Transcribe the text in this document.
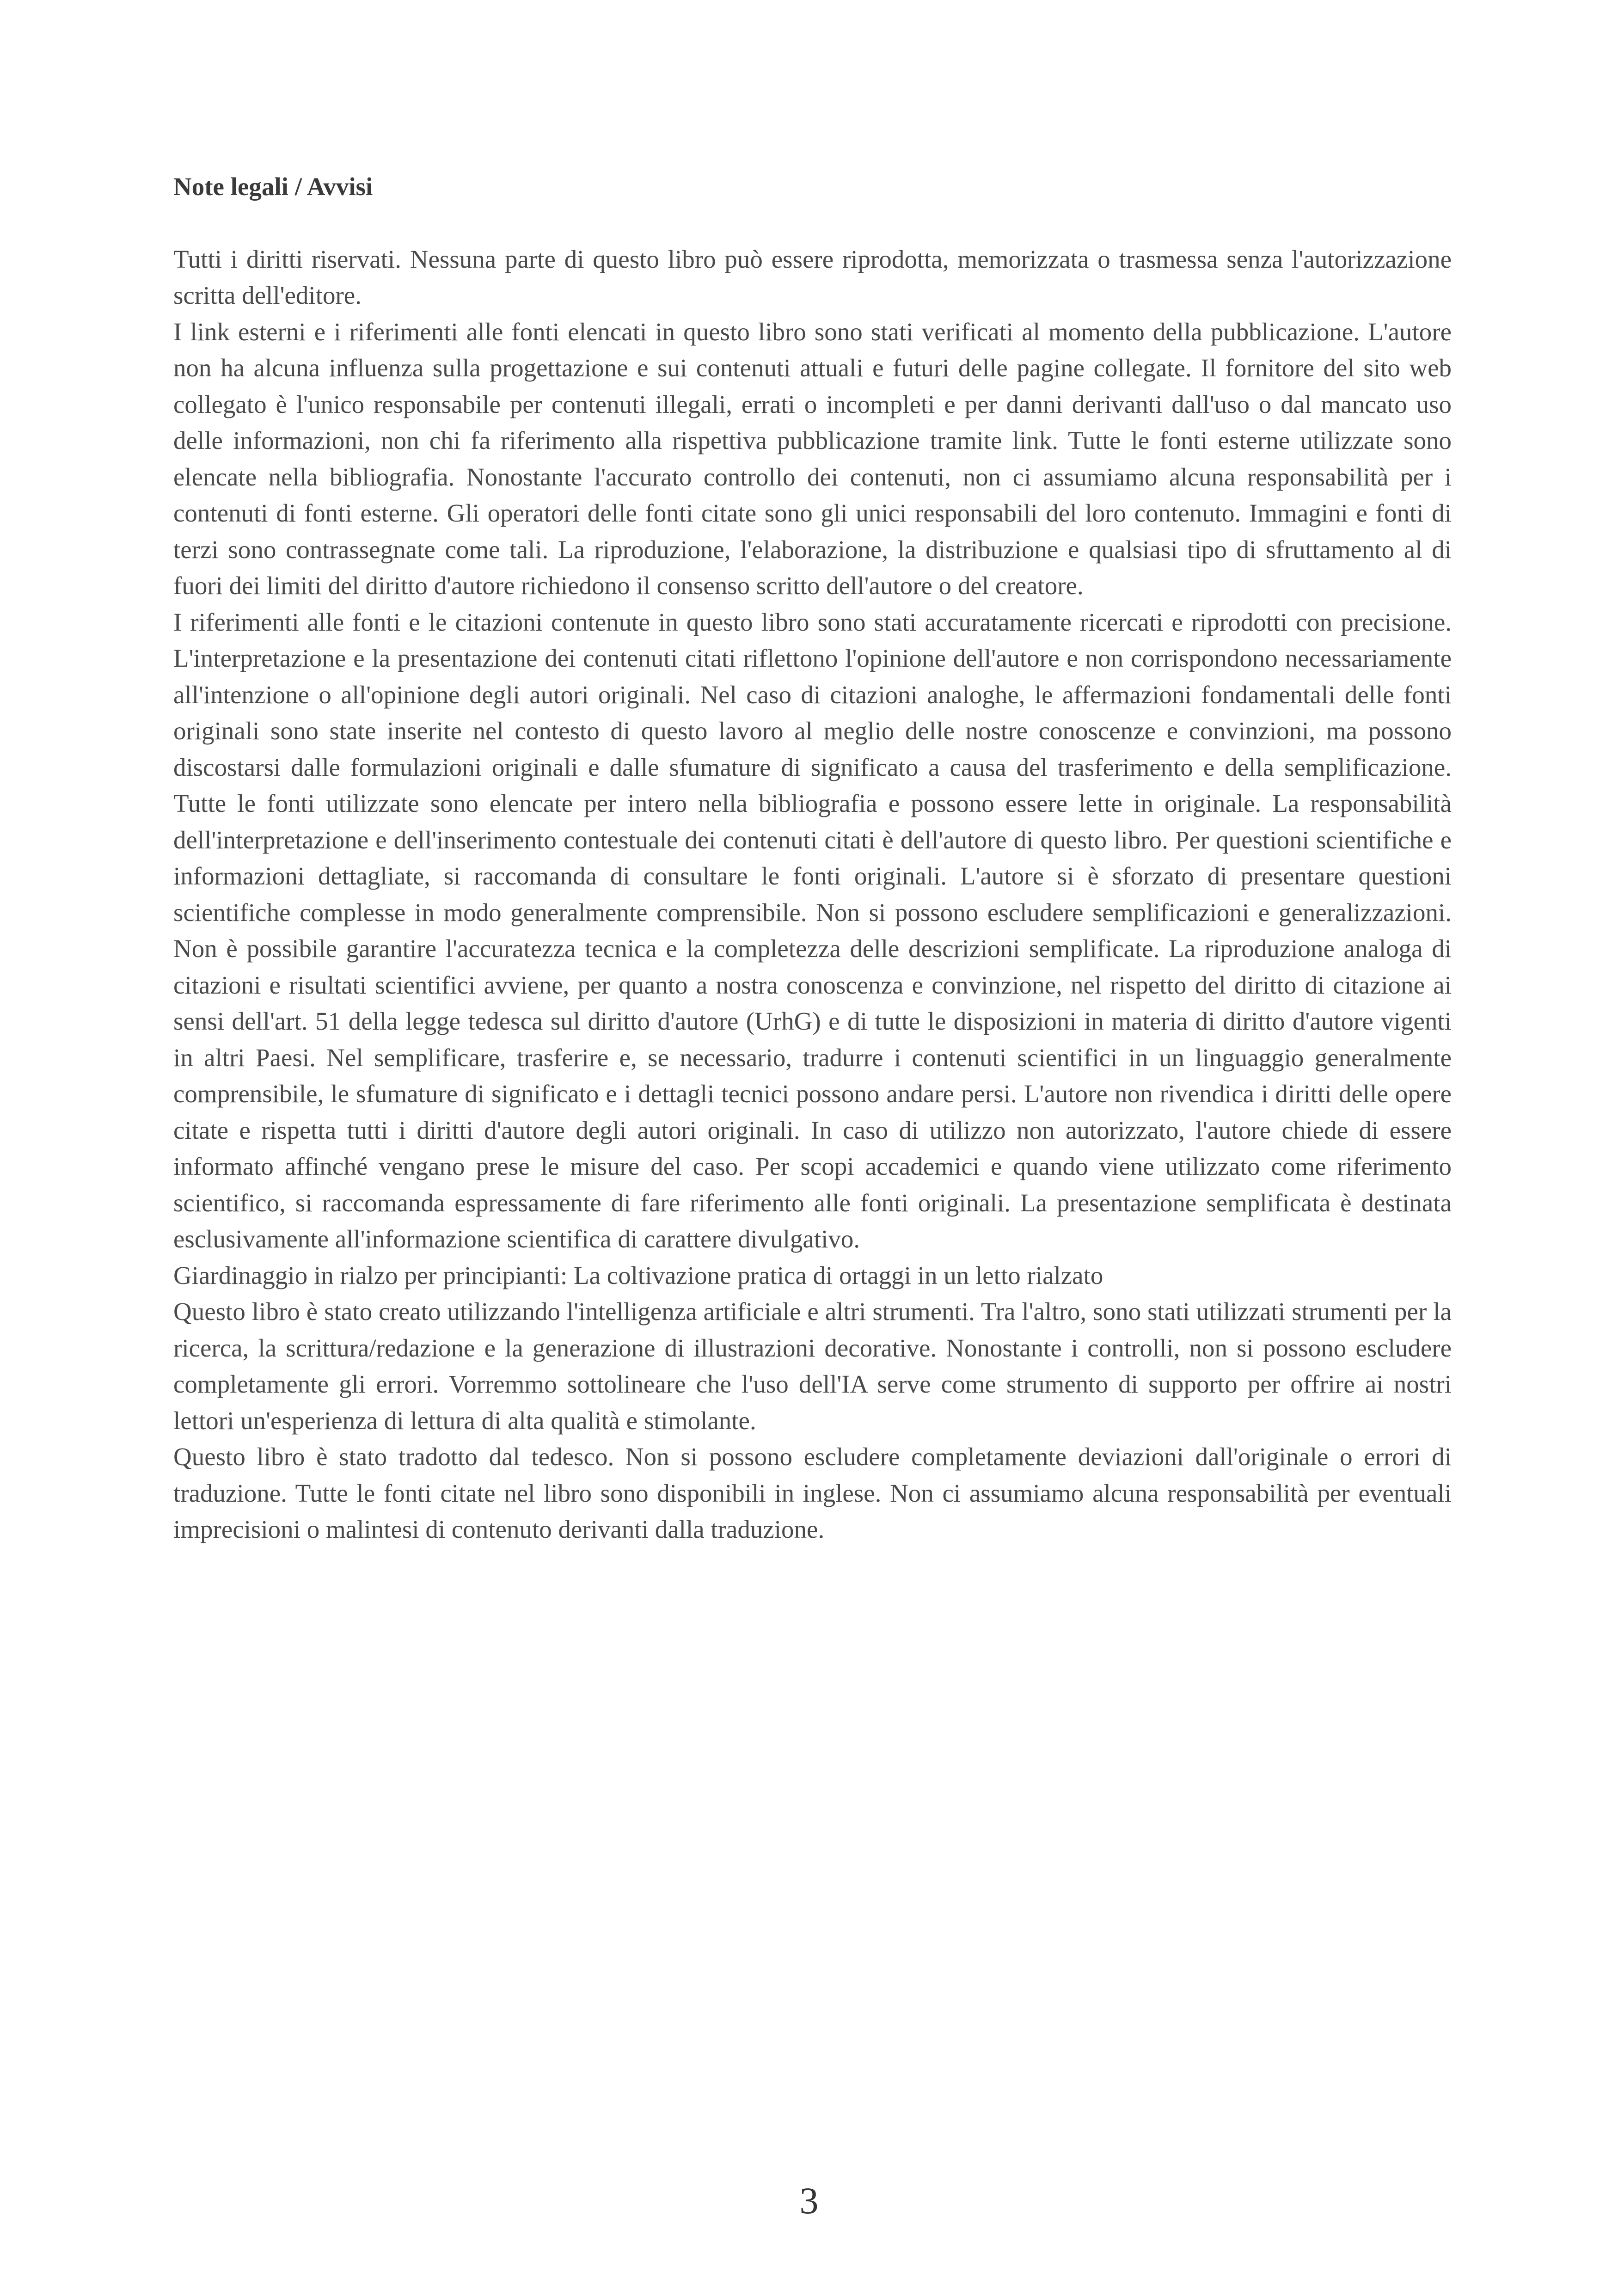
Note legali / Avvisi

Tutti i diritti riservati. Nessuna parte di questo libro può essere riprodotta, memorizzata o trasmessa senza l'autorizzazione scritta dell'editore.

I link esterni e i riferimenti alle fonti elencati in questo libro sono stati verificati al momento della pubblicazione. L'autore non ha alcuna influenza sulla progettazione e sui contenuti attuali e futuri delle pagine collegate. Il fornitore del sito web collegato è l'unico responsabile per contenuti illegali, errati o incompleti e per danni derivanti dall'uso o dal mancato uso delle informazioni, non chi fa riferimento alla rispettiva pubblicazione tramite link. Tutte le fonti esterne utilizzate sono elencate nella bibliografia. Nonostante l'accurato controllo dei contenuti, non ci assumiamo alcuna responsabilità per i contenuti di fonti esterne. Gli operatori delle fonti citate sono gli unici responsabili del loro contenuto. Immagini e fonti di terzi sono contrassegnate come tali. La riproduzione, l'elaborazione, la distribuzione e qualsiasi tipo di sfruttamento al di fuori dei limiti del diritto d'autore richiedono il consenso scritto dell'autore o del creatore.

I riferimenti alle fonti e le citazioni contenute in questo libro sono stati accuratamente ricercati e riprodotti con precisione. L'interpretazione e la presentazione dei contenuti citati riflettono l'opinione dell'autore e non corrispondono necessariamente all'intenzione o all'opinione degli autori originali. Nel caso di citazioni analoghe, le affermazioni fondamentali delle fonti originali sono state inserite nel contesto di questo lavoro al meglio delle nostre conoscenze e convinzioni, ma possono discostarsi dalle formulazioni originali e dalle sfumature di significato a causa del trasferimento e della semplificazione. Tutte le fonti utilizzate sono elencate per intero nella bibliografia e possono essere lette in originale. La responsabilità dell'interpretazione e dell'inserimento contestuale dei contenuti citati è dell'autore di questo libro. Per questioni scientifiche e informazioni dettagliate, si raccomanda di consultare le fonti originali. L'autore si è sforzato di presentare questioni scientifiche complesse in modo generalmente comprensibile. Non si possono escludere semplificazioni e generalizzazioni. Non è possibile garantire l'accuratezza tecnica e la completezza delle descrizioni semplificate. La riproduzione analoga di citazioni e risultati scientifici avviene, per quanto a nostra conoscenza e convinzione, nel rispetto del diritto di citazione ai sensi dell'art. 51 della legge tedesca sul diritto d'autore (UrhG) e di tutte le disposizioni in materia di diritto d'autore vigenti in altri Paesi. Nel semplificare, trasferire e, se necessario, tradurre i contenuti scientifici in un linguaggio generalmente comprensibile, le sfumature di significato e i dettagli tecnici possono andare persi. L'autore non rivendica i diritti delle opere citate e rispetta tutti i diritti d'autore degli autori originali. In caso di utilizzo non autorizzato, l'autore chiede di essere informato affinché vengano prese le misure del caso. Per scopi accademici e quando viene utilizzato come riferimento scientifico, si raccomanda espressamente di fare riferimento alle fonti originali. La presentazione semplificata è destinata esclusivamente all'informazione scientifica di carattere divulgativo.

Giardinaggio in rialzo per principianti: La coltivazione pratica di ortaggi in un letto rialzato

Questo libro è stato creato utilizzando l'intelligenza artificiale e altri strumenti. Tra l'altro, sono stati utilizzati strumenti per la ricerca, la scrittura/redazione e la generazione di illustrazioni decorative. Nonostante i controlli, non si possono escludere completamente gli errori. Vorremmo sottolineare che l'uso dell'IA serve come strumento di supporto per offrire ai nostri lettori un'esperienza di lettura di alta qualità e stimolante.

Questo libro è stato tradotto dal tedesco. Non si possono escludere completamente deviazioni dall'originale o errori di traduzione. Tutte le fonti citate nel libro sono disponibili in inglese. Non ci assumiamo alcuna responsabilità per eventuali imprecisioni o malintesi di contenuto derivanti dalla traduzione.

3
